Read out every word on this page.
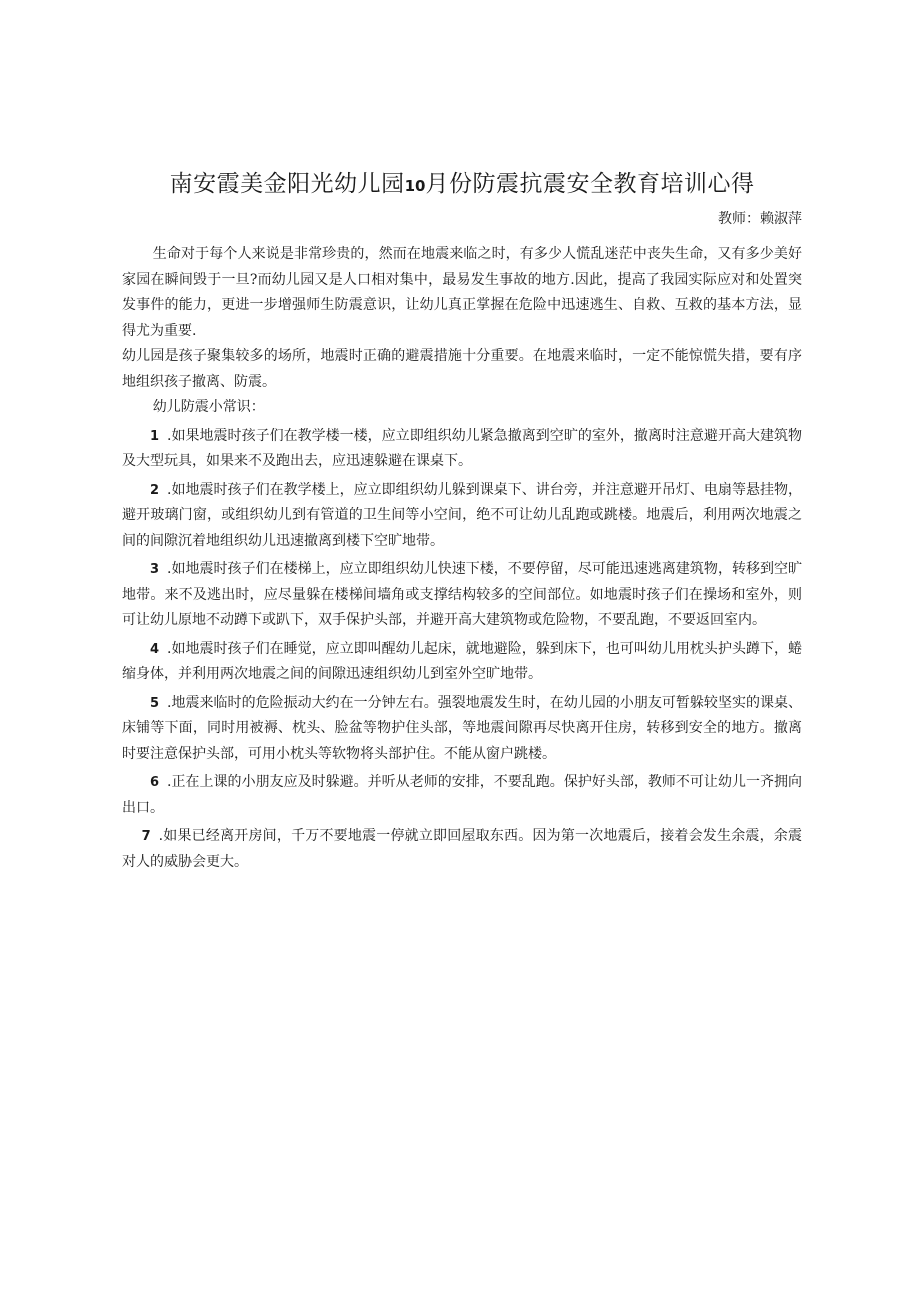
南安霞美金阳光幼儿园10月份防震抗震安全教育培训心得
教师：赖淑萍

生命对于每个人来说是非常珍贵的，然而在地震来临之时，有多少人慌乱迷茫中丧失生命，又有多少美好家园在瞬间毁于一旦?而幼儿园又是人口相对集中，最易发生事故的地方.因此，提高了我园实际应对和处置突发事件的能力，更进一步增强师生防震意识，让幼儿真正掌握在危险中迅速逃生、自救、互救的基本方法，显得尤为重要.

幼儿园是孩子聚集较多的场所，地震时正确的避震措施十分重要。在地震来临时，一定不能惊慌失措，要有序地组织孩子撤离、防震。

幼儿防震小常识：

1 .如果地震时孩子们在教学楼一楼，应立即组织幼儿紧急撤离到空旷的室外，撤离时注意避开高大建筑物及大型玩具，如果来不及跑出去，应迅速躲避在课桌下。

2 .如地震时孩子们在教学楼上，应立即组织幼儿躲到课桌下、讲台旁，并注意避开吊灯、电扇等悬挂物，避开玻璃门窗，或组织幼儿到有管道的卫生间等小空间，绝不可让幼儿乱跑或跳楼。地震后，利用两次地震之间的间隙沉着地组织幼儿迅速撤离到楼下空旷地带。

3 .如地震时孩子们在楼梯上，应立即组织幼儿快速下楼，不要停留，尽可能迅速逃离建筑物，转移到空旷地带。来不及逃出时，应尽量躲在楼梯间墙角或支撑结构较多的空间部位。如地震时孩子们在操场和室外，则可让幼儿原地不动蹲下或趴下，双手保护头部，并避开高大建筑物或危险物，不要乱跑，不要返回室内。

4 .如地震时孩子们在睡觉，应立即叫醒幼儿起床，就地避险，躲到床下，也可叫幼儿用枕头护头蹲下，蜷缩身体，并利用两次地震之间的间隙迅速组织幼儿到室外空旷地带。

5 .地震来临时的危险振动大约在一分钟左右。强裂地震发生时，在幼儿园的小朋友可暂躲较坚实的课桌、床铺等下面，同时用被褥、枕头、脸盆等物护住头部，等地震间隙再尽快离开住房，转移到安全的地方。撤离时要注意保护头部，可用小枕头等软物将头部护住。不能从窗户跳楼。

6 .正在上课的小朋友应及时躲避。并听从老师的安排，不要乱跑。保护好头部，教师不可让幼儿一齐拥向出口。

7 .如果已经离开房间，千万不要地震一停就立即回屋取东西。因为第一次地震后，接着会发生余震，余震对人的威胁会更大。
